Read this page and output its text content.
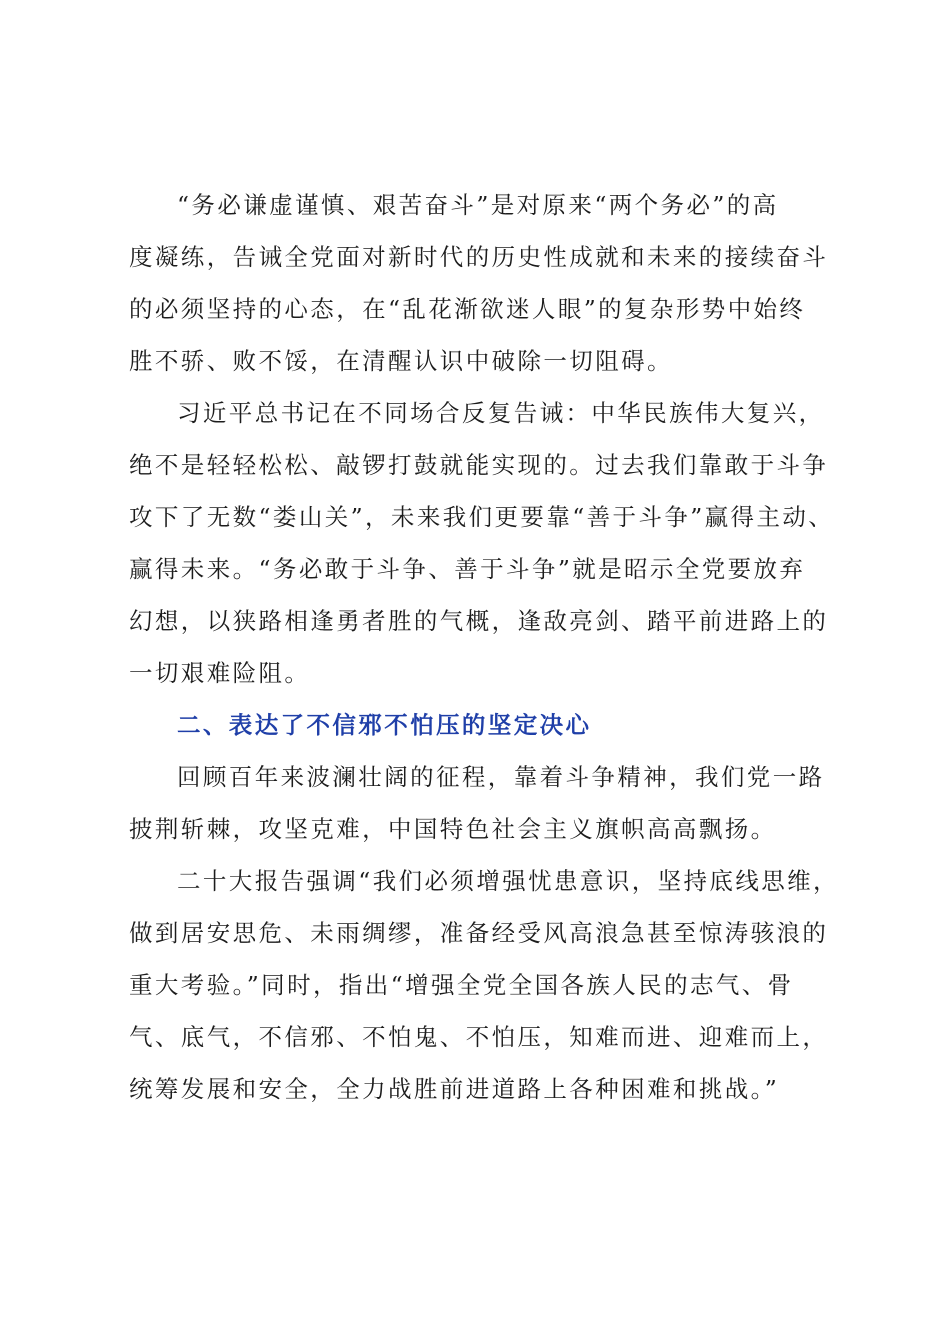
“务必谦虚谨慎、艰苦奋斗”是对原来“两个务必”的高
度凝练，告诫全党面对新时代的历史性成就和未来的接续奋斗
的必须坚持的心态，在“乱花渐欲迷人眼”的复杂形势中始终
胜不骄、败不馁，在清醒认识中破除一切阻碍。
习近平总书记在不同场合反复告诫：中华民族伟大复兴，
绝不是轻轻松松、敲锣打鼓就能实现的。过去我们靠敢于斗争
攻下了无数“娄山关”，未来我们更要靠“善于斗争”赢得主动、
赢得未来。“务必敢于斗争、善于斗争”就是昭示全党要放弃
幻想，以狭路相逢勇者胜的气概，逢敌亮剑、踏平前进路上的
一切艰难险阻。
二、表达了不信邪不怕压的坚定决心
回顾百年来波澜壮阔的征程，靠着斗争精神，我们党一路
披荆斩棘，攻坚克难，中国特色社会主义旗帜高高飘扬。
二十大报告强调“我们必须增强忧患意识，坚持底线思维，
做到居安思危、未雨绸缪，准备经受风高浪急甚至惊涛骇浪的
重大考验。”同时，指出“增强全党全国各族人民的志气、骨
气、底气，不信邪、不怕鬼、不怕压，知难而进、迎难而上，
统筹发展和安全，全力战胜前进道路上各种困难和挑战。”
